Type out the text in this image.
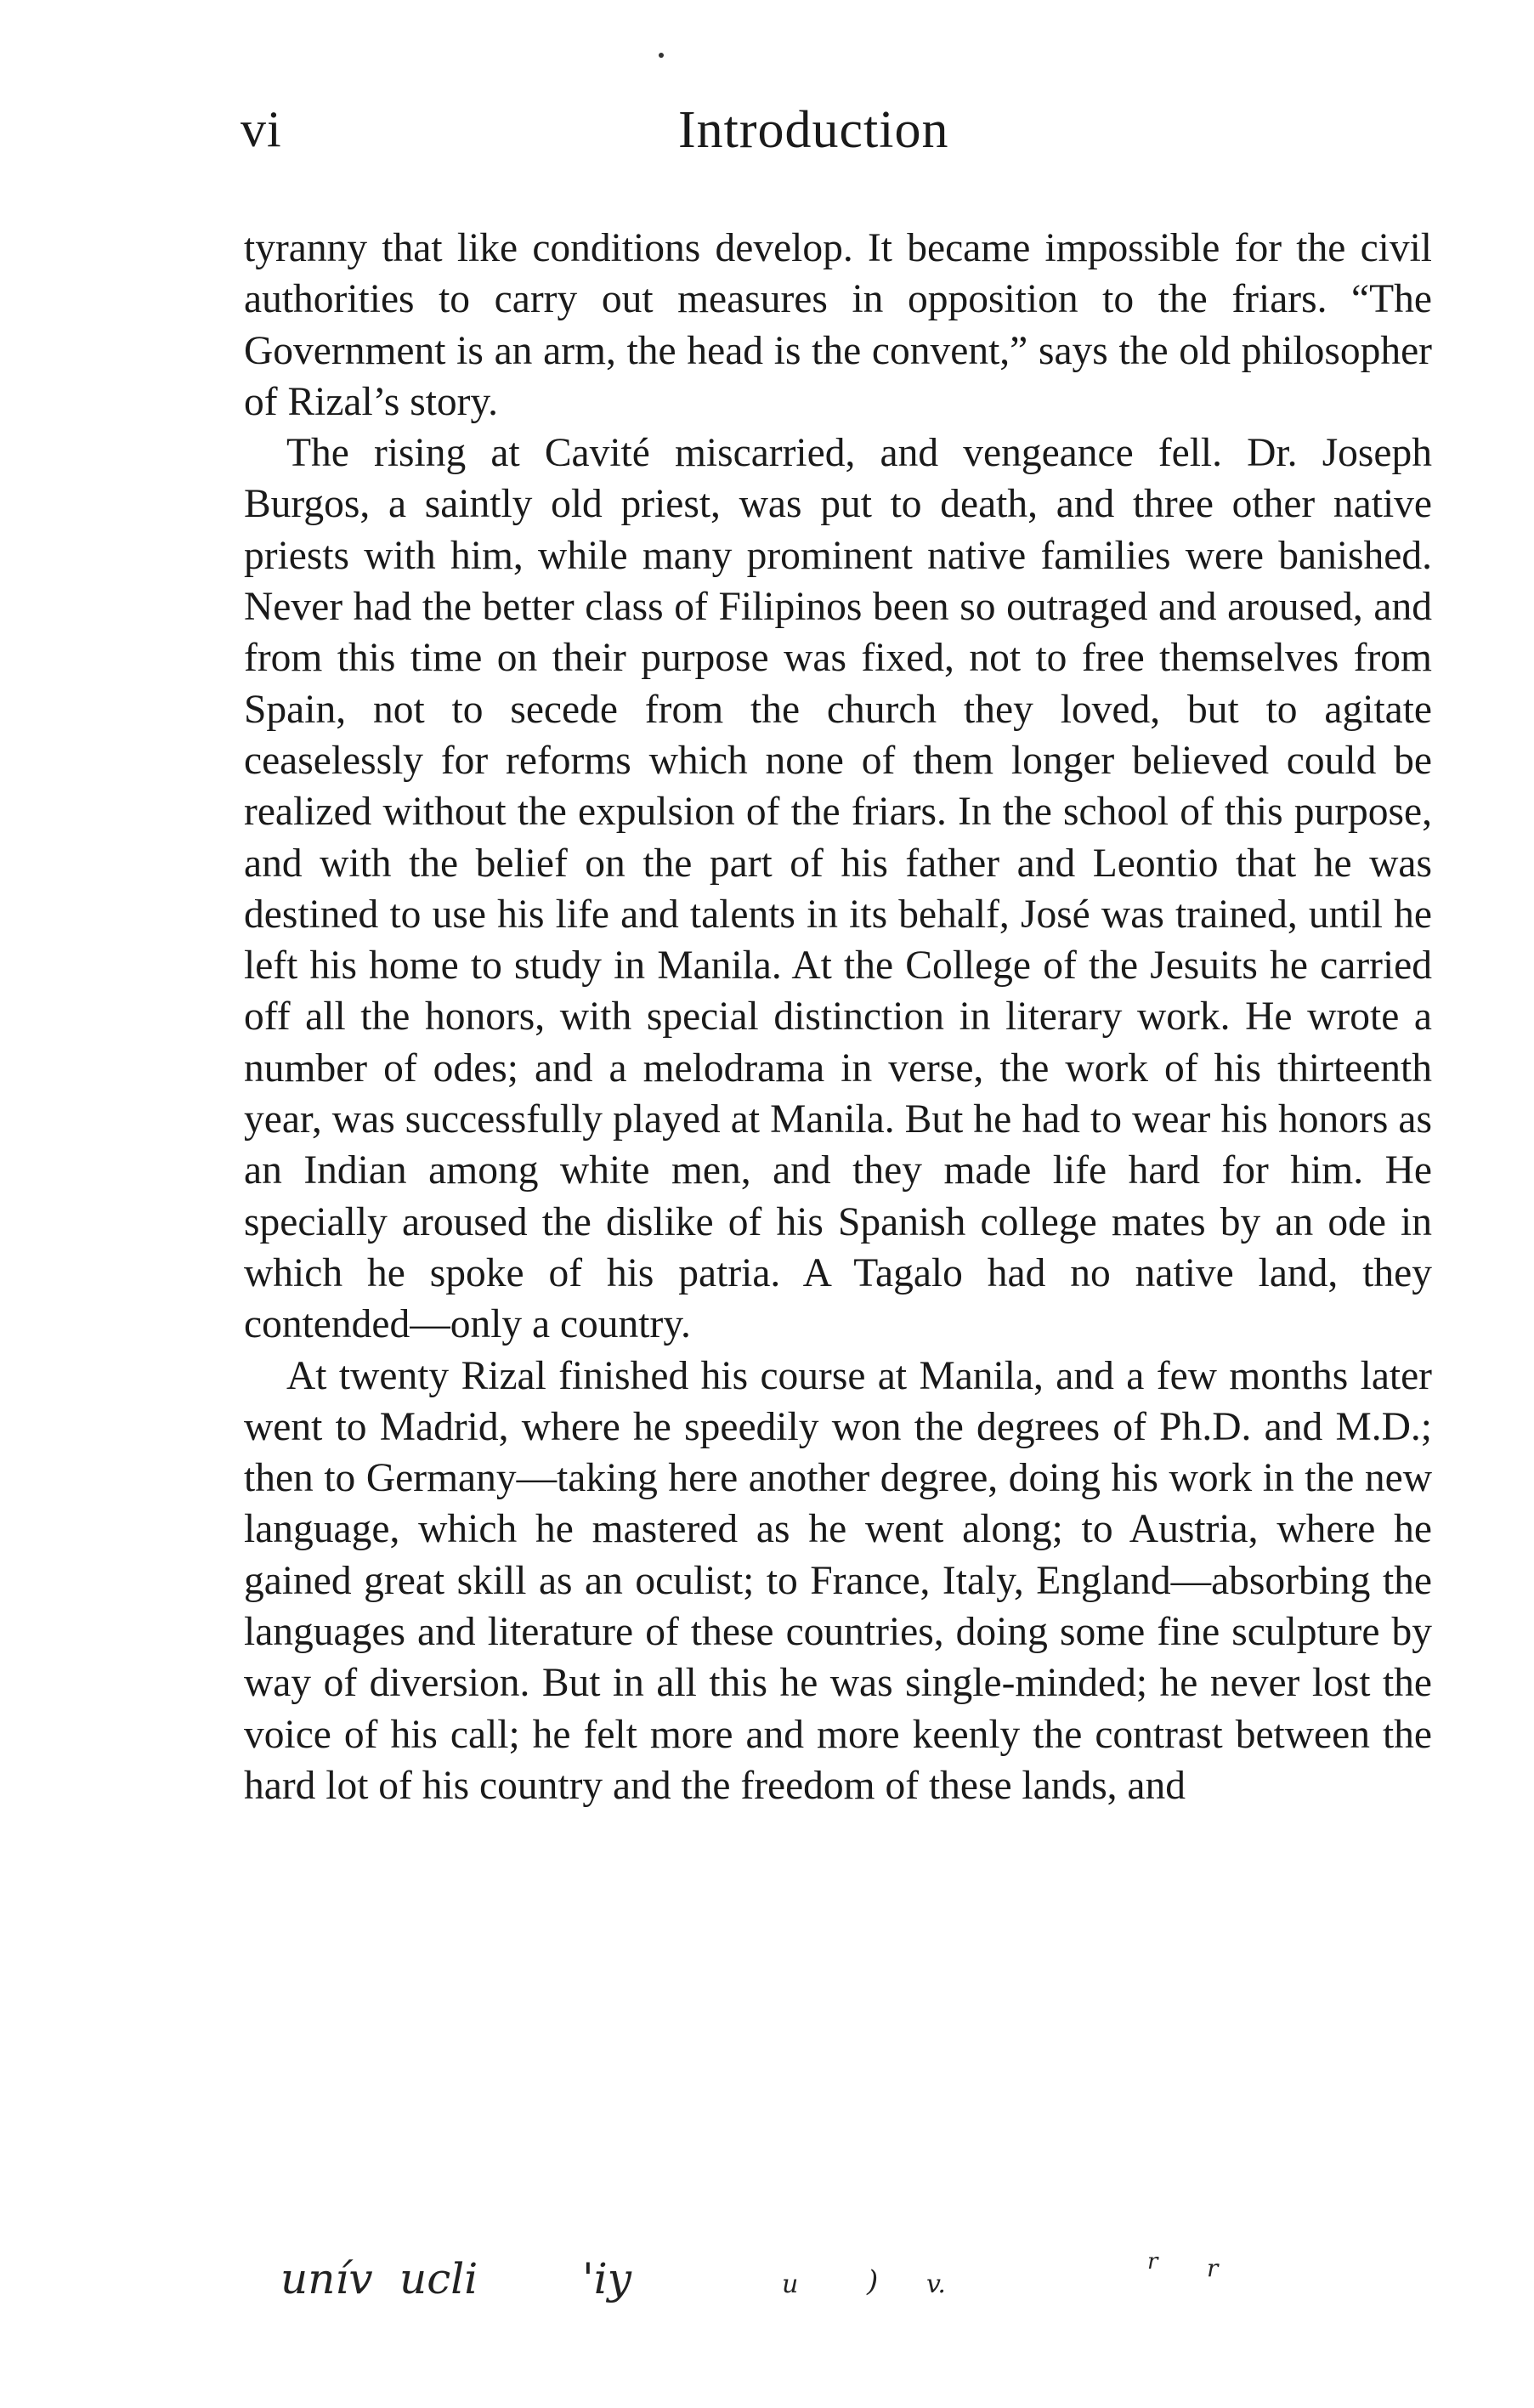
vi	Introduction

tyranny that like conditions develop. It became impossible for the civil authorities to carry out measures in opposition to the friars. “The Government is an arm, the head is the convent,” says the old philosopher of Rizal’s story.

The rising at Cavité miscarried, and vengeance fell. Dr. Joseph Burgos, a saintly old priest, was put to death, and three other native priests with him, while many prominent native families were banished. Never had the better class of Filipinos been so outraged and aroused, and from this time on their purpose was fixed, not to free themselves from Spain, not to secede from the church they loved, but to agitate ceaselessly for reforms which none of them longer believed could be realized without the expulsion of the friars. In the school of this purpose, and with the belief on the part of his father and Leontio that he was destined to use his life and talents in its behalf, José was trained, until he left his home to study in Manila. At the College of the Jesuits he carried off all the honors, with special distinction in literary work. He wrote a number of odes; and a melodrama in verse, the work of his thirteenth year, was successfully played at Manila. But he had to wear his honors as an Indian among white men, and they made life hard for him. He specially aroused the dislike of his Spanish college mates by an ode in which he spoke of his patria. A Tagalo had no native land, they contended—only a country.

At twenty Rizal finished his course at Manila, and a few months later went to Madrid, where he speedily won the degrees of Ph.D. and M.D.; then to Germany—taking here another degree, doing his work in the new language, which he mastered as he went along; to Austria, where he gained great skill as an oculist; to France, Italy, England—absorbing the languages and literature of these countries, doing some fine sculpture by way of diversion. But in all this he was single-minded; he never lost the voice of his call; he felt more and more keenly the contrast between the hard lot of his country and the freedom of these lands, and

unív ucli 'iy	u ) v.
r r
